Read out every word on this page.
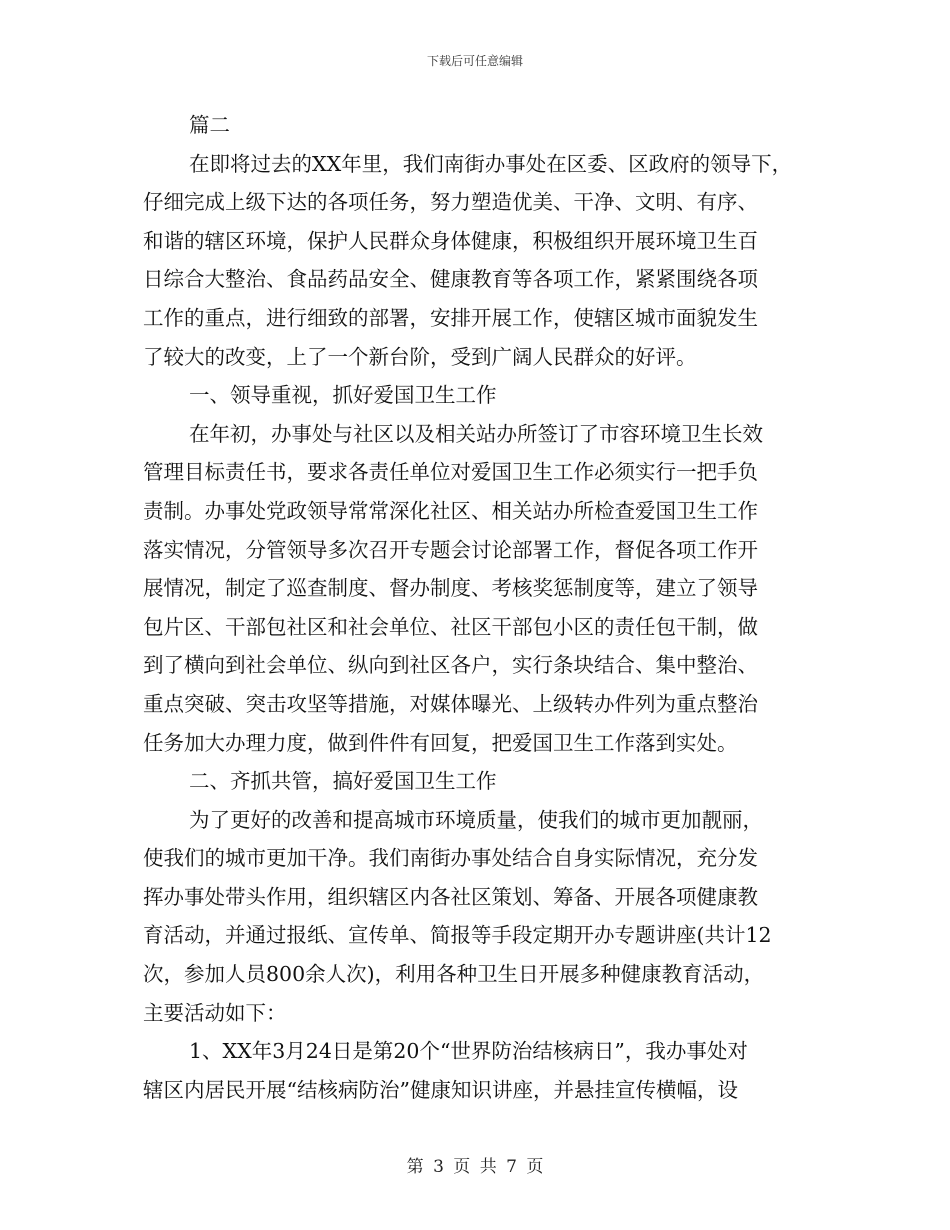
下载后可任意编辑
篇二
在即将过去的XX年里，我们南街办事处在区委、区政府的领导下，
仔细完成上级下达的各项任务，努力塑造优美、干净、文明、有序、
和谐的辖区环境，保护人民群众身体健康，积极组织开展环境卫生百
日综合大整治、食品药品安全、健康教育等各项工作，紧紧围绕各项
工作的重点，进行细致的部署，安排开展工作，使辖区城市面貌发生
了较大的改变，上了一个新台阶，受到广阔人民群众的好评。
一、领导重视，抓好爱国卫生工作
在年初，办事处与社区以及相关站办所签订了市容环境卫生长效
管理目标责任书，要求各责任单位对爱国卫生工作必须实行一把手负
责制。办事处党政领导常常深化社区、相关站办所检查爱国卫生工作
落实情况，分管领导多次召开专题会讨论部署工作，督促各项工作开
展情况，制定了巡查制度、督办制度、考核奖惩制度等，建立了领导
包片区、干部包社区和社会单位、社区干部包小区的责任包干制，做
到了横向到社会单位、纵向到社区各户，实行条块结合、集中整治、
重点突破、突击攻坚等措施，对媒体曝光、上级转办件列为重点整治
任务加大办理力度，做到件件有回复，把爱国卫生工作落到实处。
二、齐抓共管，搞好爱国卫生工作
为了更好的改善和提高城市环境质量，使我们的城市更加靓丽，
使我们的城市更加干净。我们南街办事处结合自身实际情况，充分发
挥办事处带头作用，组织辖区内各社区策划、筹备、开展各项健康教
育活动，并通过报纸、宣传单、简报等手段定期开办专题讲座(共计12
次，参加人员800余人次)，利用各种卫生日开展多种健康教育活动，
主要活动如下：
1、XX年3月24日是第20个“世界防治结核病日”，我办事处对
辖区内居民开展“结核病防治”健康知识讲座，并悬挂宣传横幅，设
第 3 页 共 7 页
